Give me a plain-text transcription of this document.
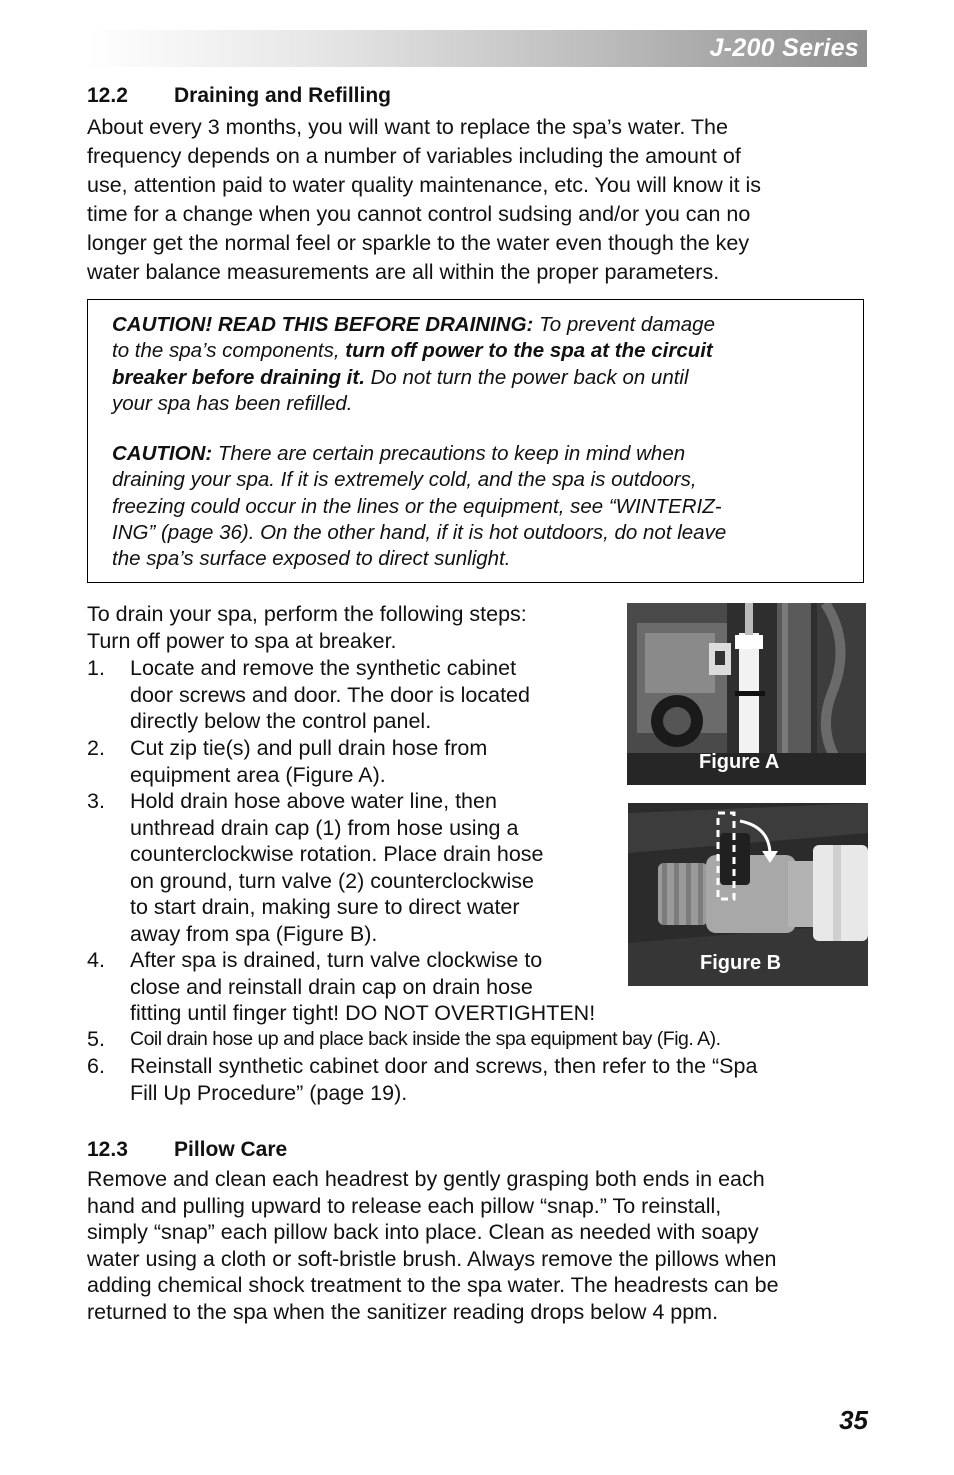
J-200 Series
12.2 Draining and Refilling
About every 3 months, you will want to replace the spa’s water. The
frequency depends on a number of variables including the amount of
use, attention paid to water quality maintenance, etc. You will know it is
time for a change when you cannot control sudsing and/or you can no
longer get the normal feel or sparkle to the water even though the key
water balance measurements are all within the proper parameters.
CAUTION! READ THIS BEFORE DRAINING: To prevent damage
to the spa’s components, turn off power to the spa at the circuit
breaker before draining it. Do not turn the power back on until
your spa has been refilled.
CAUTION: There are certain precautions to keep in mind when
draining your spa. If it is extremely cold, and the spa is outdoors,
freezing could occur in the lines or the equipment, see “WINTERIZ-
ING” (page 36). On the other hand, if it is hot outdoors, do not leave
the spa’s surface exposed to direct sunlight.
To drain your spa, perform the following steps:
Turn off power to spa at breaker.
1. Locate and remove the synthetic cabinet
door screws and door. The door is located
directly below the control panel.
2. Cut zip tie(s) and pull drain hose from
equipment area (Figure A).
3. Hold drain hose above water line, then
unthread drain cap (1) from hose using a
counterclockwise rotation. Place drain hose
on ground, turn valve (2) counterclockwise
to start drain, making sure to direct water
away from spa (Figure B).
4. After spa is drained, turn valve clockwise to
close and reinstall drain cap on drain hose
fitting until finger tight! DO NOT OVERTIGHTEN!
5. Coil drain hose up and place back inside the spa equipment bay (Fig. A).
6. Reinstall synthetic cabinet door and screws, then refer to the “Spa
Fill Up Procedure” (page 19).
Figure A
Figure B
12.3 Pillow Care
Remove and clean each headrest by gently grasping both ends in each
hand and pulling upward to release each pillow “snap.” To reinstall,
simply “snap” each pillow back into place. Clean as needed with soapy
water using a cloth or soft-bristle brush. Always remove the pillows when
adding chemical shock treatment to the spa water. The headrests can be
returned to the spa when the sanitizer reading drops below 4 ppm.
35
